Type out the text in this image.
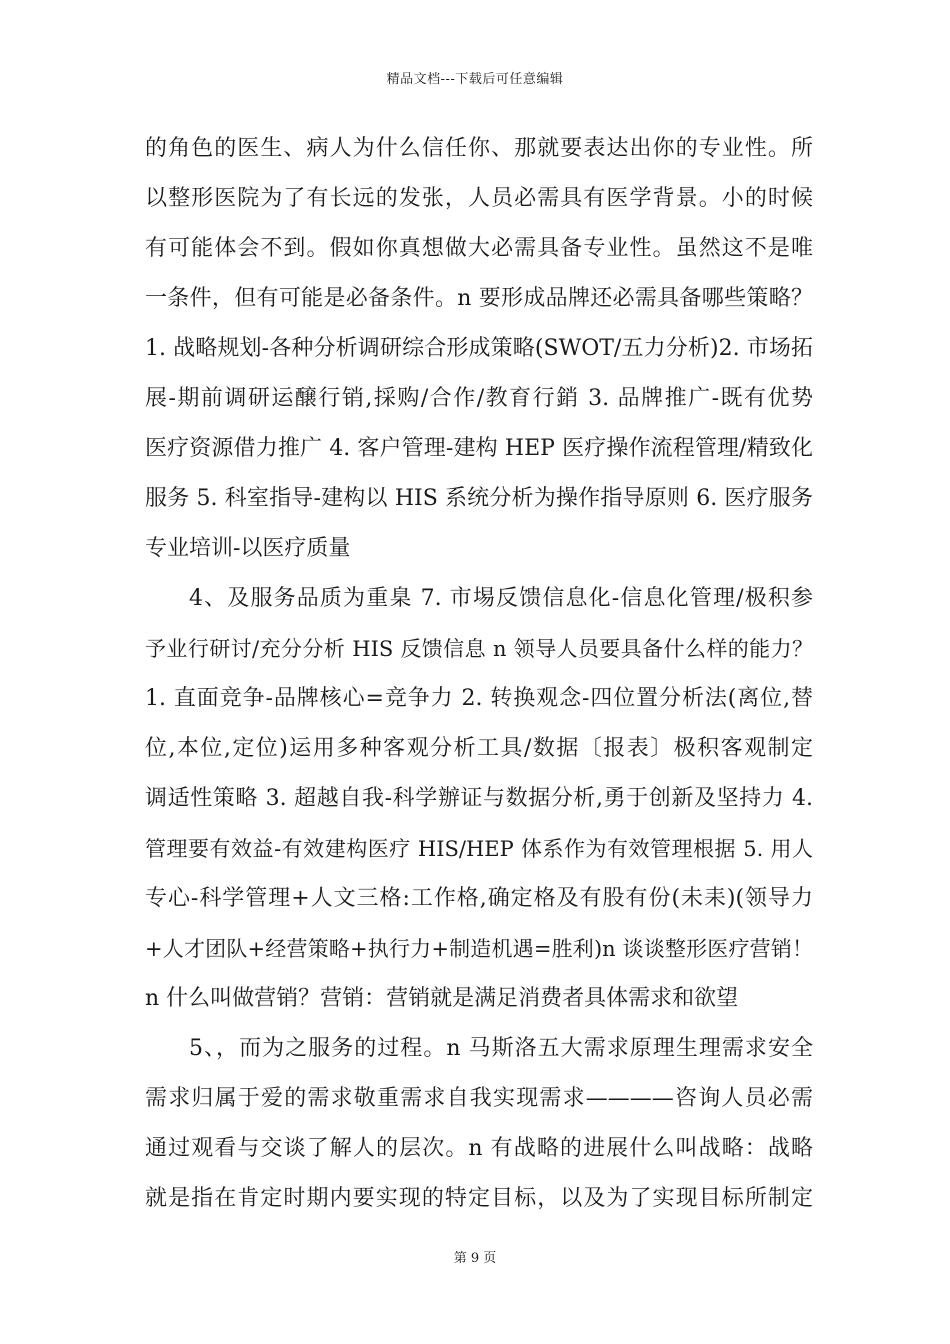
精品文档---下载后可任意编辑
的角色的医生、病人为什么信任你、那就要表达出你的专业性。所
以整形医院为了有长远的发张，人员必需具有医学背景。小的时候
有可能体会不到。假如你真想做大必需具备专业性。虽然这不是唯
一条件，但有可能是必备条件。n 要形成品牌还必需具备哪些策略？
1. 战略规划-各种分析调研综合形成策略(SWOT/五力分析)2. 市场拓
展-期前调研运醸行销,採购/合作/教育行銷 3. 品牌推广-既有优势
医疗资源借力推广 4. 客户管理-建构 HEP 医疗操作流程管理/精致化
服务 5. 科室指导-建构以 HIS 系统分析为操作指导原则 6. 医疗服务
专业培训-以医疗质量
4、及服务品质为重臬 7. 市埸反馈信息化-信息化管理/极积参
予业行研讨/充分分析 HIS 反馈信息 n 领导人员要具备什么样的能力？
1. 直面竞争-品牌核心=竞争力 2. 转换观念-四位置分析法(离位,替
位,本位,定位)运用多种客观分析工具/数据〔报表〕极积客观制定
调适性策略 3. 超越自我-科学辦证与数据分析,勇于创新及坚持力 4.
管理要有效益-有效建构医疗 HIS/HEP 体系作为有效管理根据 5. 用人
专心-科学管理+人文三格:工作格,确定格及有股有份(未耒)(领导力
+人才团队+经营策略+执行力+制造机遇=胜利)n 谈谈整形医疗营销！
n 什么叫做营销？营销：营销就是满足消费者具体需求和欲望
5、，而为之服务的过程。n 马斯洛五大需求原理生理需求安全
需求归属于爱的需求敬重需求自我实现需求————咨询人员必需
通过观看与交谈了解人的层次。n 有战略的进展什么叫战略：战略
就是指在肯定时期内要实现的特定目标，以及为了实现目标所制定
第 9 页
